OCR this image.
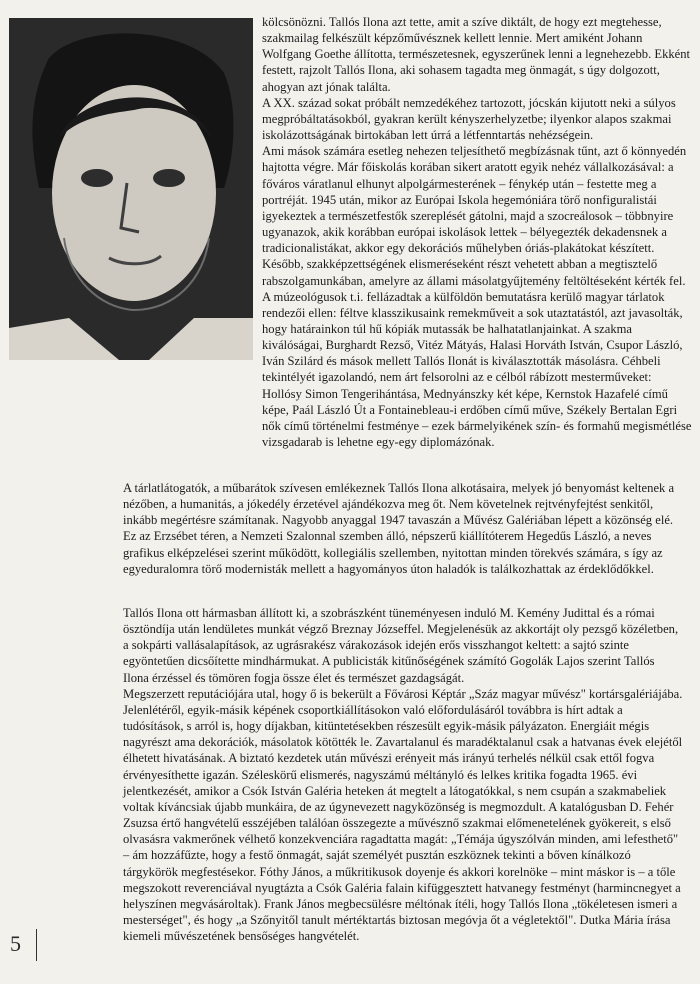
kölcsönözni. Tallós Ilona azt tette, amit a szíve diktált, de hogy ezt megtehesse, szakmailag felkészült képzőművésznek kellett lennie. Mert amiként Johann Wolfgang Goethe állította, természetesnek, egyszerűnek lenni a legnehezebb. Ekként festett, rajzolt Tallós Ilona, aki sohasem tagadta meg önmagát, s úgy dolgozott, ahogyan azt jónak találta.

A XX. század sokat próbált nemzedékéhez tartozott, jócskán kijutott neki a súlyos megpróbáltatásokból, gyakran került kényszerhelyzetbe; ilyenkor alapos szakmai iskolázottságának birtokában lett úrrá a létfenntartás nehézségein.

Ami mások számára esetleg nehezen teljesíthető megbízásnak tűnt, azt ő könnyedén hajtotta végre. Már főiskolás korában sikert aratott egyik nehéz vállalkozásával: a főváros váratlanul elhunyt alpolgármesterének – fénykép után – festette meg a portréját. 1945 után, mikor az Európai Iskola hegemóniára törő nonfiguralistái igyekeztek a természetfestők szereplését gátolni, majd a szocreálosok – többnyire ugyanazok, akik korábban európai iskolások lettek – bélyegezték dekadensnek a tradicionalistákat, akkor egy dekorációs műhelyben óriás-plakátokat készített. Később, szakképzettségének elismeréseként részt vehetett abban a megtisztelő rabszolgamunkában, amelyre az állami másolatgyűjtemény feltöltéseként kérték fel. A múzeológusok t.i. fellázadtak a külföldön bemutatásra kerülő magyar tárlatok rendezői ellen: féltve klasszikusaink remekműveit a sok utaztatástól, azt javasolták, hogy határainkon túl hű kópiák mutassák be halhatatlanjainkat. A szakma kiválóságai, Burghardt Rezső, Vitéz Mátyás, Halasi Horváth István, Csupor László, Iván Szilárd és mások mellett Tallós Ilonát is kiválasztották másolásra. Céhbeli tekintélyét igazolandó, nem árt felsorolni az e célból rábízott mesterműveket: Hollósy Simon Tengerihántása, Mednyánszky két képe, Kernstok Hazafelé című képe, Paál László Út a Fontainebleau-i erdőben című műve, Székely Bertalan Egri nők című történelmi festménye – ezek bármelyikének szín- és formahű megismétlése vizsgadarab is lehetne egy-egy diplomázónak.

A tárlatlátogatók, a műbarátok szívesen emlékeznek Tallós Ilona alkotásaira, melyek jó benyomást keltenek a nézőben, a humanitás, a jókedély érzetével ajándékozva meg őt. Nem követelnek rejtvényfejtést senkitől, inkább megértésre számítanak. Nagyobb anyaggal 1947 tavaszán a Művész Galériában lépett a közönség elé. Ez az Erzsébet téren, a Nemzeti Szalonnal szemben álló, népszerű kiállítóterem Hegedűs László, a neves grafikus elképzelései szerint működött, kollegiális szellemben, nyitottan minden törekvés számára, s így az egyeduralomra törő modernisták mellett a hagyományos úton haladók is találkozhattak az érdeklődőkkel.

Tallós Ilona ott hármasban állított ki, a szobrászként tüneményesen induló M. Kemény Judittal és a római ösztöndíja után lendületes munkát végző Breznay Józseffel. Megjelenésük az akkortájt oly pezsgő közéletben, a sokpárti vallásalapítások, az ugrásrakész várakozások idején erős visszhangot keltett: a sajtó szinte egyöntetűen dicsőítette mindhármukat. A publicisták kitűnőségének számító Gogolák Lajos szerint Tallós Ilona érzéssel és tömören fogja össze élet és természet gazdagságát.

Megszerzett reputációjára utal, hogy ő is bekerült a Fővárosi Képtár „Száz magyar művész" kortársgalériájába. Jelenlétéről, egyik-másik képének csoportkiállításokon való előfordulásáról továbbra is hírt adtak a tudósítások, s arról is, hogy díjakban, kitüntetésekben részesült egyik-másik pályázaton. Energiáit mégis nagyrészt ama dekorációk, másolatok kötötték le. Zavartalanul és maradéktalanul csak a hatvanas évek elejétől élhetett hivatásának. A biztató kezdetek után művészi erényeit más irányú terhelés nélkül csak ettől fogva érvényesíthette igazán. Széleskörű elismerés, nagyszámú méltányló és lelkes kritika fogadta 1965. évi jelentkezését, amikor a Csók István Galéria heteken át megtelt a látogatókkal, s nem csupán a szakmabeliek voltak kíváncsiak újabb munkáira, de az úgynevezett nagyközönség is megmozdult. A katalógusban D. Fehér Zsuzsa értő hangvételű esszéjében találóan összegezte a művésznő szakmai előmenetelének gyökereit, s első olvasásra vakmerőnek vélhető konzekvenciára ragadtatta magát: „Témája úgyszólván minden, ami lefesthető" – ám hozzáfűzte, hogy a festő önmagát, saját személyét pusztán eszköznek tekinti a bőven kínálkozó tárgykörök megfestésekor. Fóthy János, a műkritikusok doyenje és akkori korelnöke – mint máskor is – a tőle megszokott reverenciával nyugtázta a Csók Galéria falain kifüggesztett hatvanegy festményt (harmincnegyet a helyszínen megvásároltak). Frank János megbecsülésre méltónak ítéli, hogy Tallós Ilona „tökéletesen ismeri a mesterséget", és hogy „a Szőnyitől tanult mértéktartás biztosan megóvja őt a végletektől". Dutka Mária írása kiemeli művészetének bensőséges hangvételét.

5
